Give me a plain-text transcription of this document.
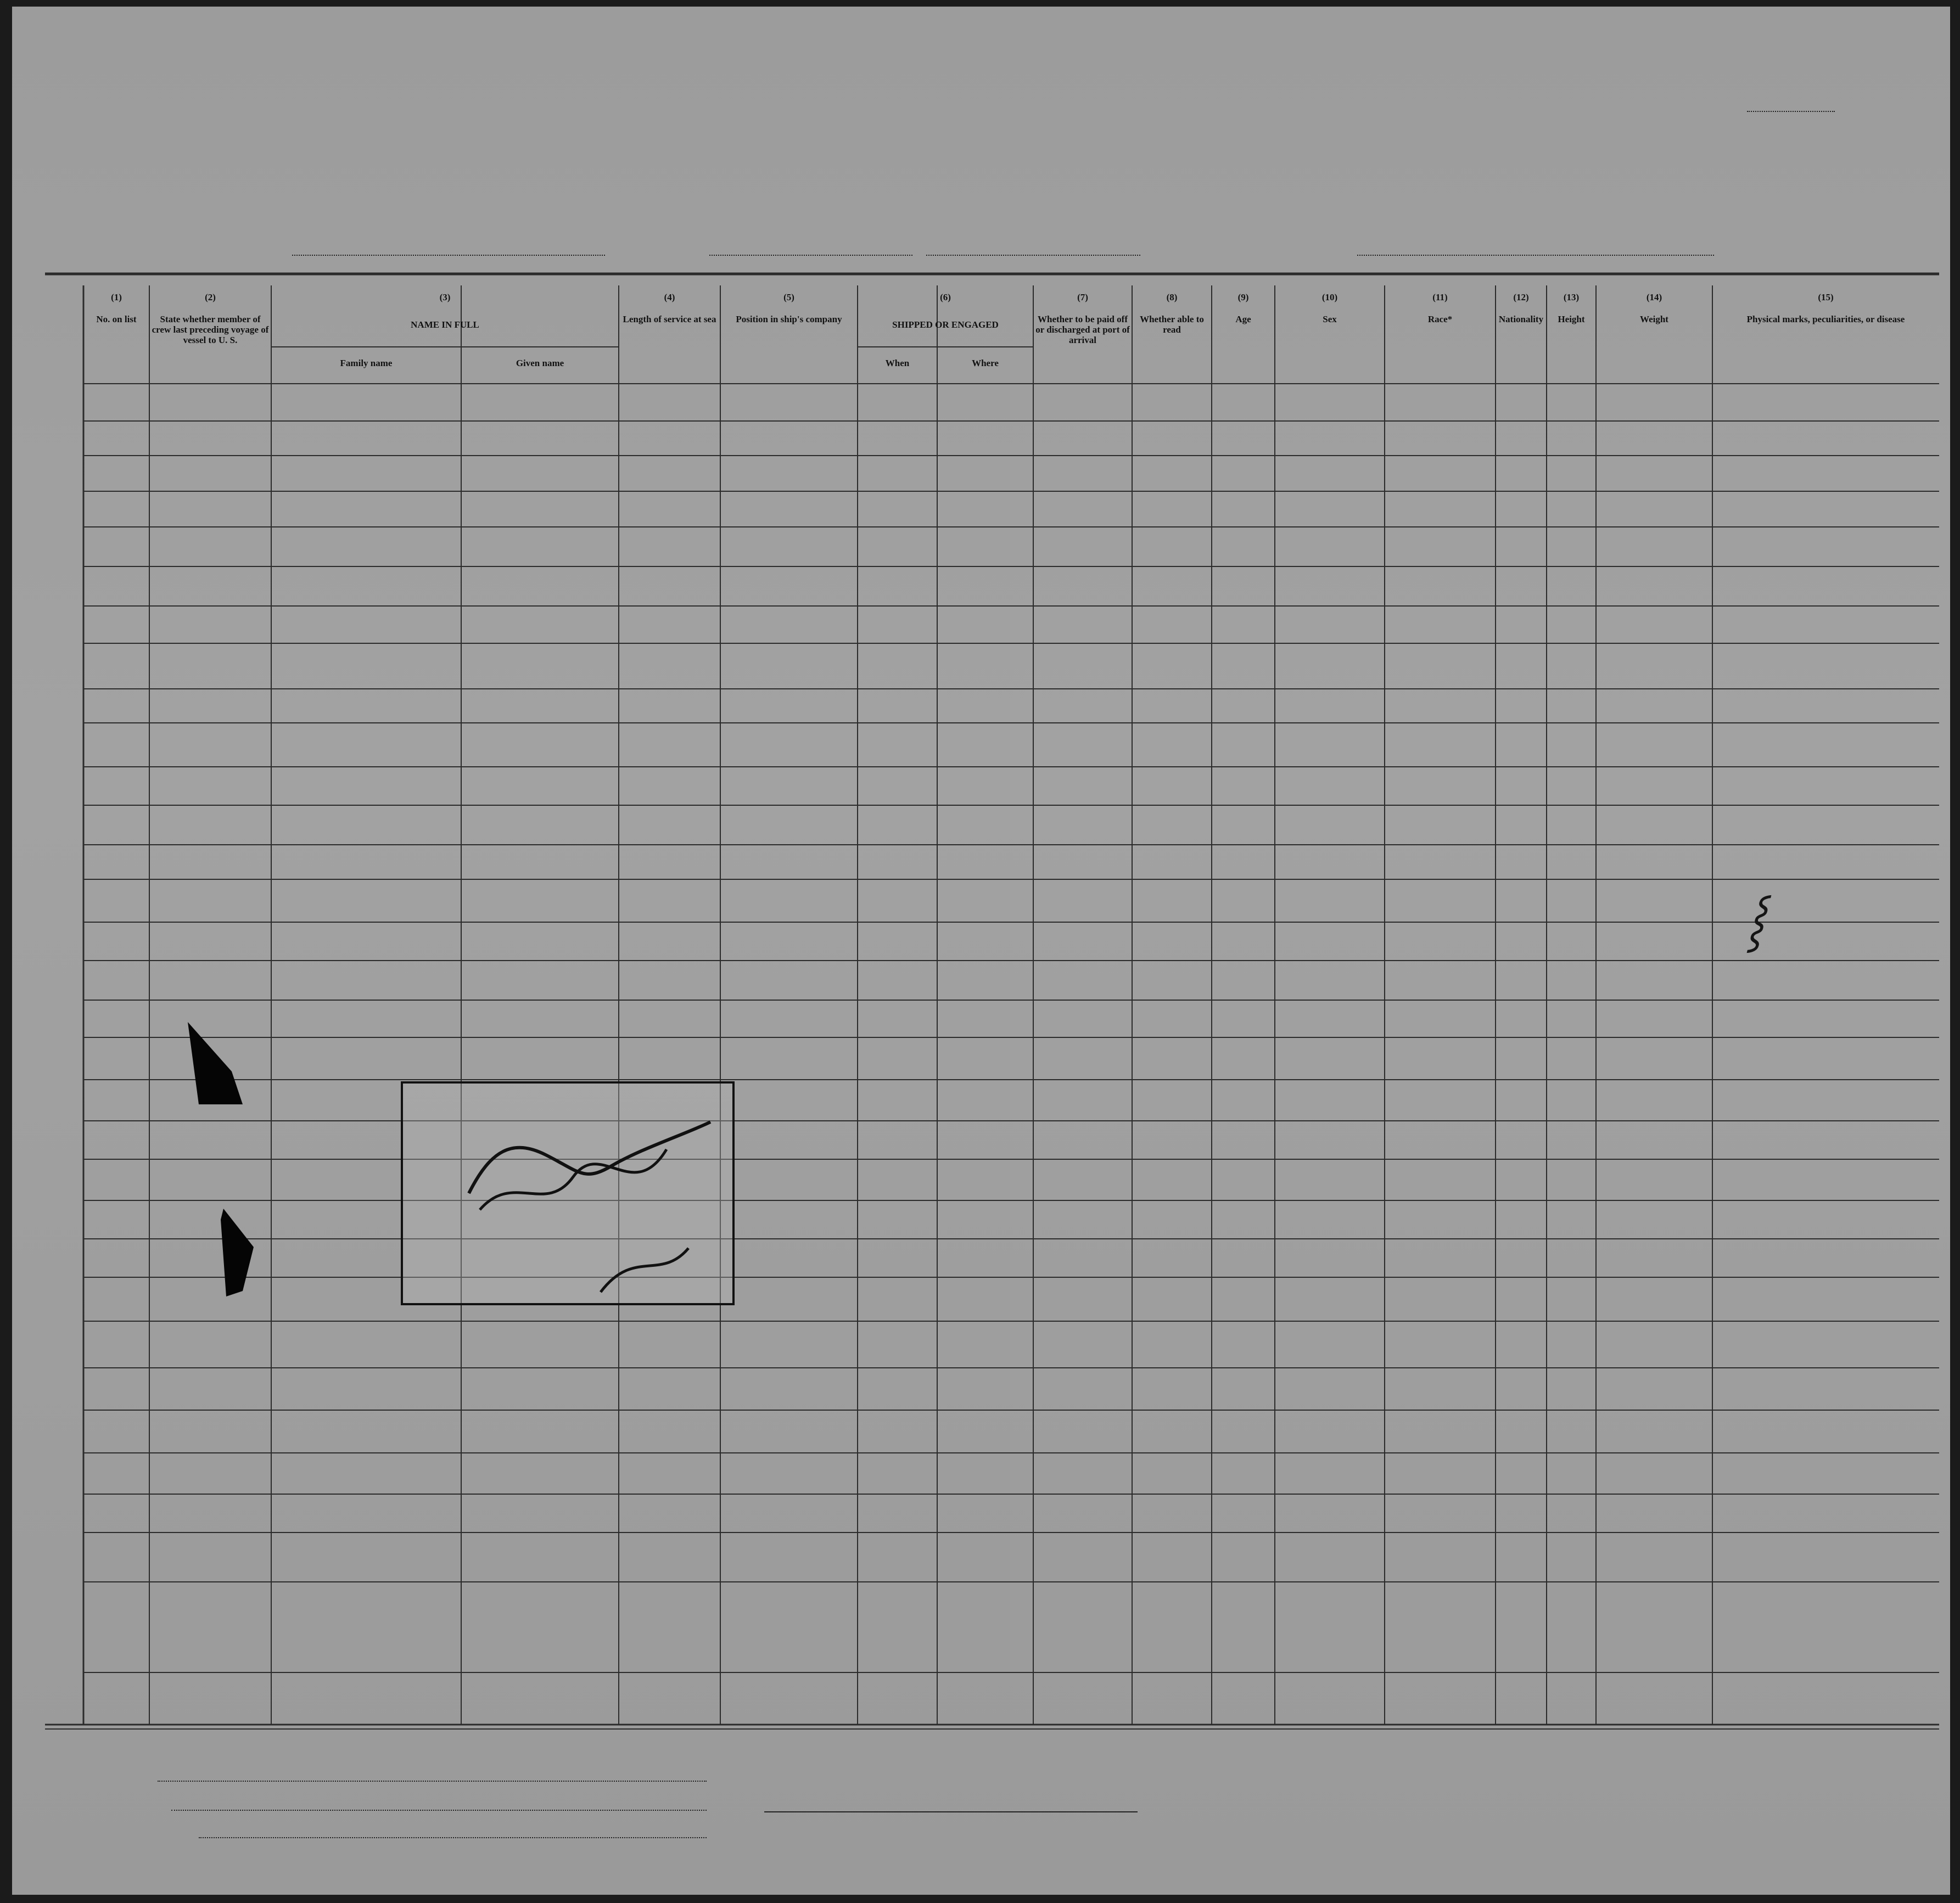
(1)
No. on list
(2)
State whether member of crew last preceding voyage of vessel to U. S.
(3)
NAME IN FULL
Family name	Given name
(4)
Length of service at sea
(5)
Position in ship's company
(6)
SHIPPED OR ENGAGED
When	Where
(7)
Whether to be paid off or discharged at port of arrival
(8)
Whether able to read
(9)
Age
(10)
Sex
(11)
Race*
(12)
Nationality
(13)
Height
(14)
Weight
(15)
Physical marks, peculiarities, or disease
⸾
